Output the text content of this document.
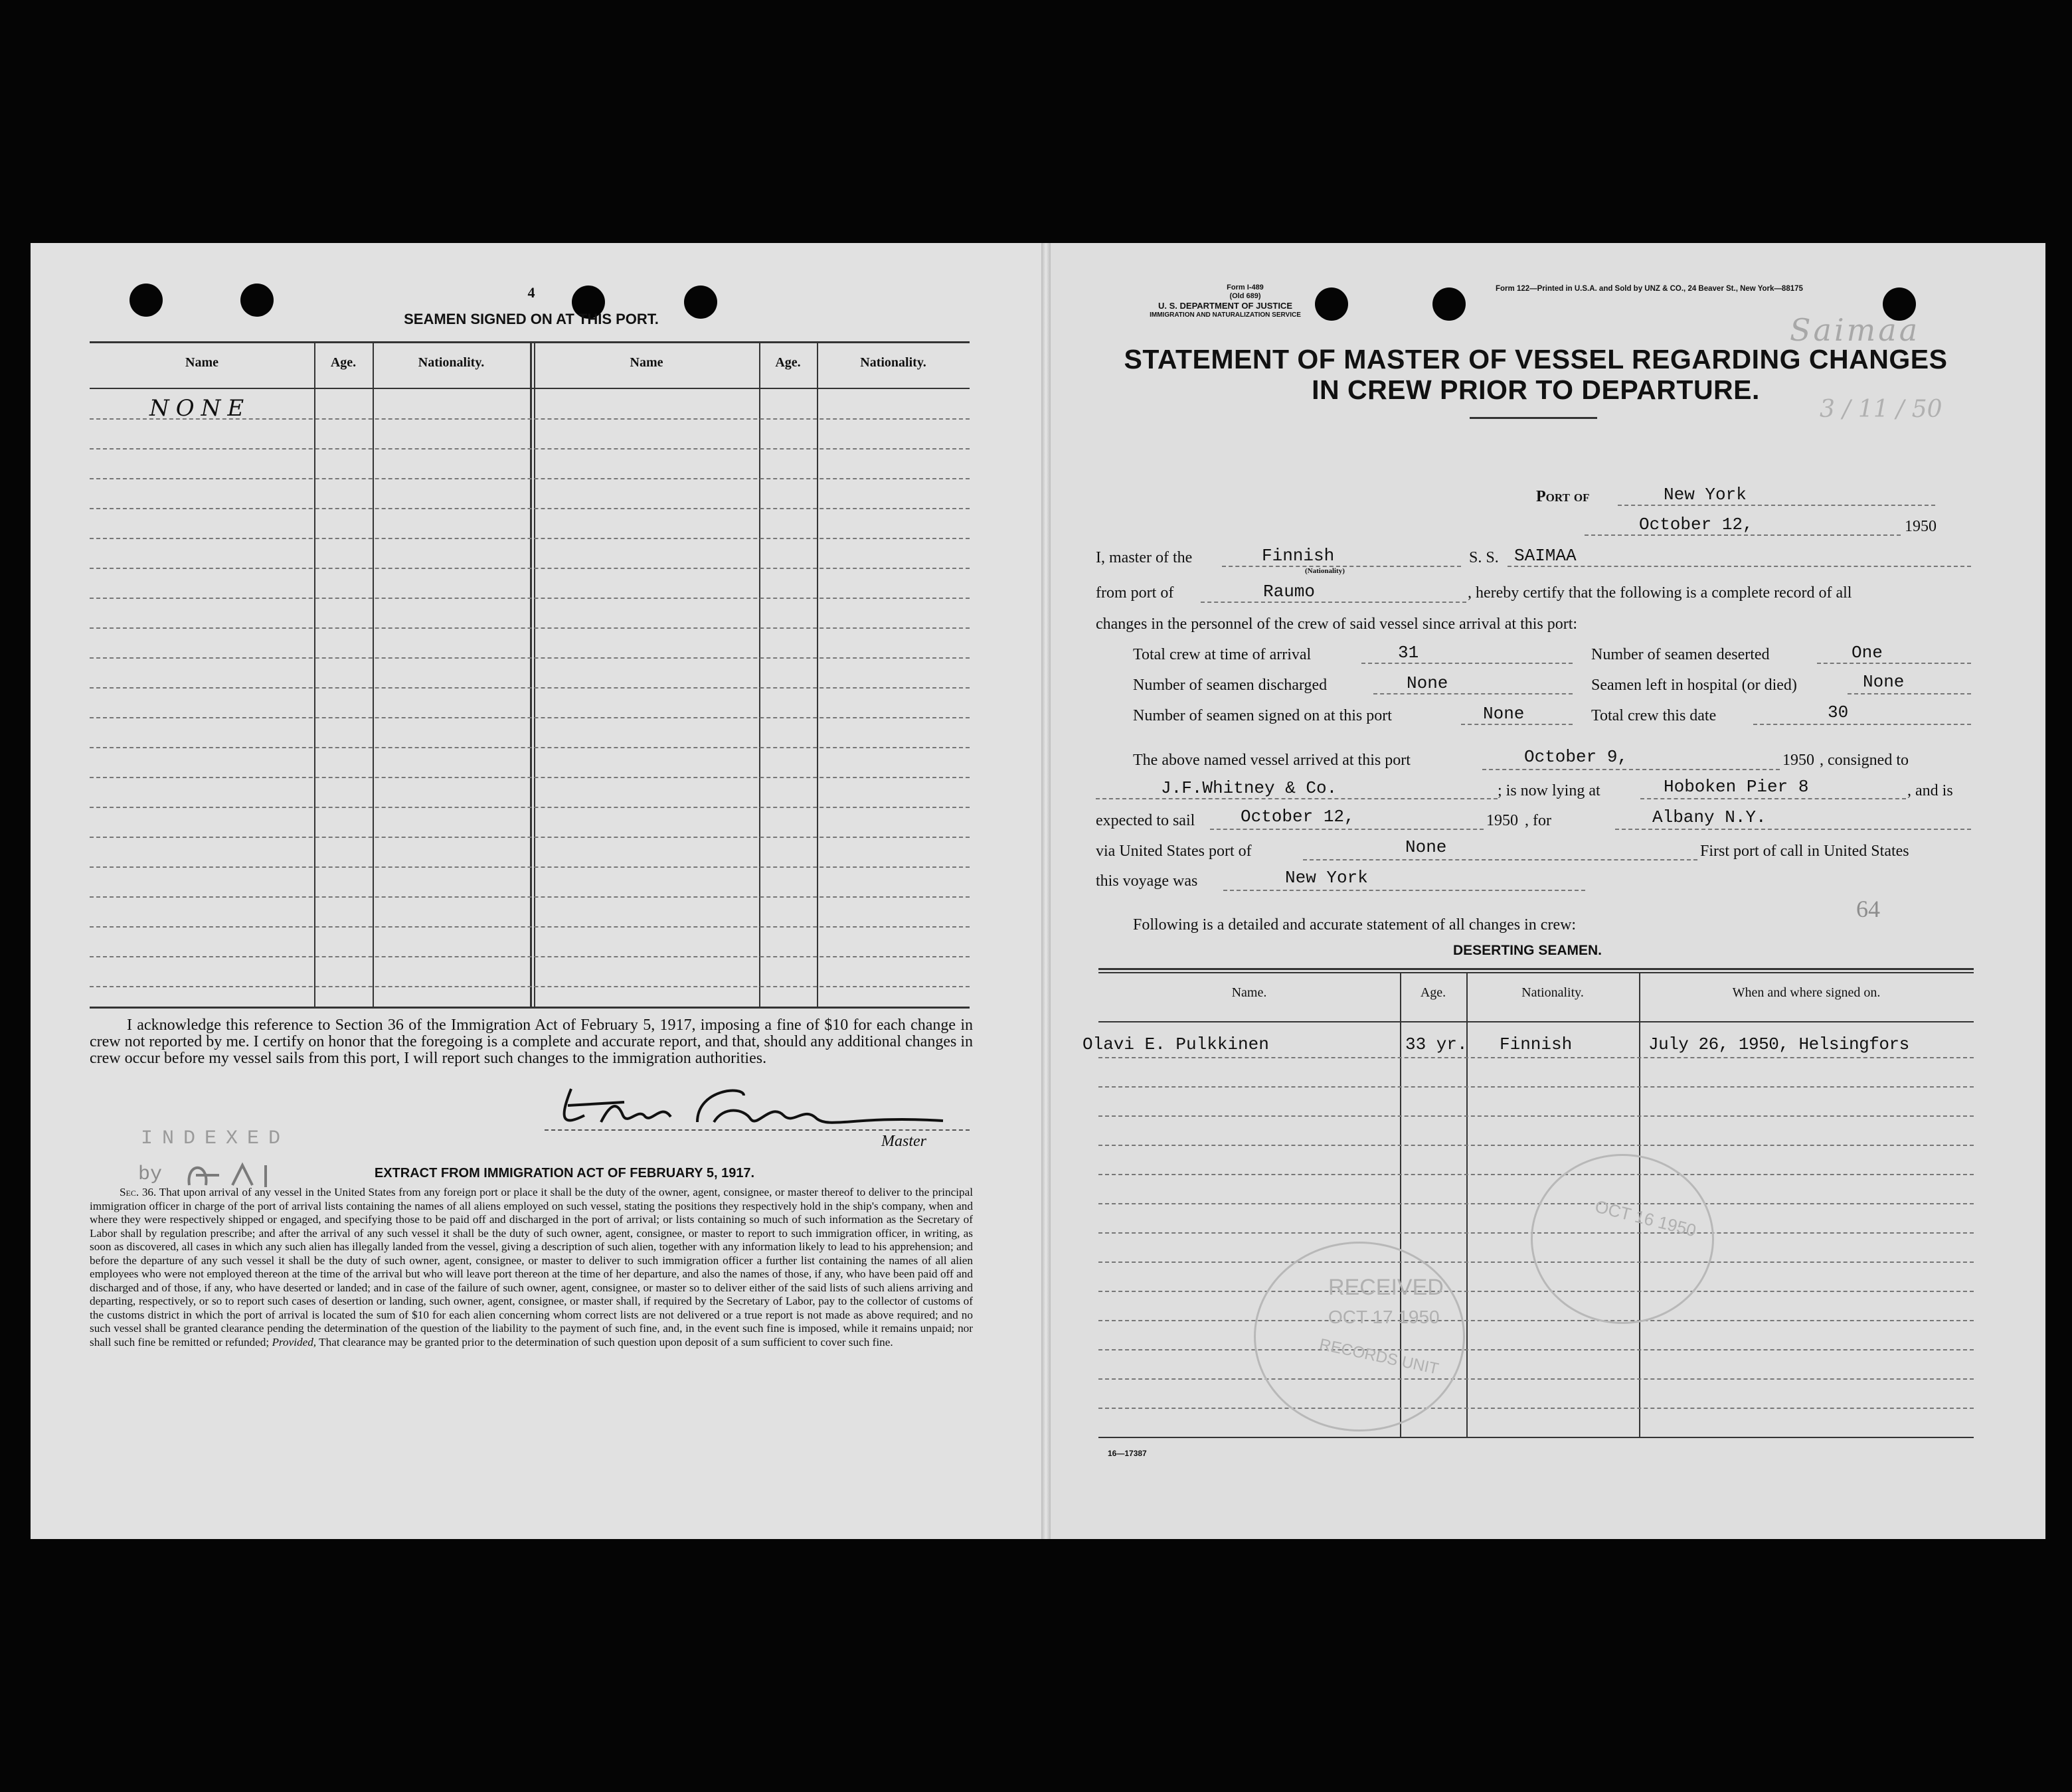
4
SEAMEN SIGNED ON AT THIS PORT.
Name	Age.	Nationality.	Name	Age.	Nationality.
NONE
I acknowledge this reference to Section 36 of the Immigration Act of February 5, 1917, imposing a fine of $10 for each change in crew not reported by me. I certify on honor that the foregoing is a complete and accurate report, and that, should any additional changes in crew occur before my vessel sails from this port, I will report such changes to the immigration authorities.
Master
INDEXED
by	EXTRACT FROM IMMIGRATION ACT OF FEBRUARY 5, 1917.
Sec. 36. That upon arrival of any vessel in the United States from any foreign port or place it shall be the duty of the owner, agent, consignee, or master thereof to deliver to the principal immigration officer in charge of the port of arrival lists containing the names of all aliens employed on such vessel, stating the positions they respectively hold in the ship's company, when and where they were respectively shipped or engaged, and specifying those to be paid off and discharged in the port of arrival; or lists containing so much of such information as the Secretary of Labor shall by regulation prescribe; and after the arrival of any such vessel it shall be the duty of such owner, agent, consignee, or master to report to such immigration officer, in writing, as soon as discovered, all cases in which any such alien has illegally landed from the vessel, giving a description of such alien, together with any information likely to lead to his apprehension; and before the departure of any such vessel it shall be the duty of such owner, agent, consignee, or master to deliver to such immigration officer a further list containing the names of all alien employees who were not employed thereon at the time of the arrival but who will leave port thereon at the time of her departure, and also the names of those, if any, who have been paid off and discharged and of those, if any, who have deserted or landed; and in case of the failure of such owner, agent, consignee, or master so to deliver either of the said lists of such aliens arriving and departing, respectively, or so to report such cases of desertion or landing, such owner, agent, consignee, or master shall, if required by the Secretary of Labor, pay to the collector of customs of the customs district in which the port of arrival is located the sum of $10 for each alien concerning whom correct lists are not delivered or a true report is not made as above required; and no such vessel shall be granted clearance pending the determination of the question of the liability to the payment of such fine, and, in the event such fine is imposed, while it remains unpaid; nor shall such fine be remitted or refunded; Provided, That clearance may be granted prior to the determination of such question upon deposit of a sum sufficient to cover such fine.
Form I-489
(Old 689)
U. S. DEPARTMENT OF JUSTICE
IMMIGRATION AND NATURALIZATION SERVICE
Form 122—Printed in U.S.A. and Sold by UNZ & CO., 24 Beaver St., New York—88175
Saimaa
3 / 11 / 50
STATEMENT OF MASTER OF VESSEL REGARDING CHANGES
IN CREW PRIOR TO DEPARTURE.
Port of	New York
October 12,	1950
I, master of the	Finnish
(Nationality)
S. S. SAIMAA
from port of	Raumo	, hereby certify that the following is a complete record of all
changes in the personnel of the crew of said vessel since arrival at this port:
Total crew at time of arrival	31	Number of seamen deserted	One
Number of seamen discharged	None	Seamen left in hospital (or died)	None
Number of seamen signed on at this port	None	Total crew this date	30
The above named vessel arrived at this port	October 9,	1950 , consigned to
J.F.Whitney & Co.	; is now lying at	Hoboken Pier 8	, and is
expected to sail	October 12,	1950 , for	Albany N.Y.
via United States port of	None	First port of call in United States
this voyage was	New York
64
Following is a detailed and accurate statement of all changes in crew:
DESERTING SEAMEN.
Name.	Age.	Nationality.	When and where signed on.
Olavi E. Pulkkinen	33 yr. Finnish	July 26, 1950, Helsingfors
RECEIVED
OCT 17 1950
RECORDS UNIT
OCT 16 1950
16—17387
